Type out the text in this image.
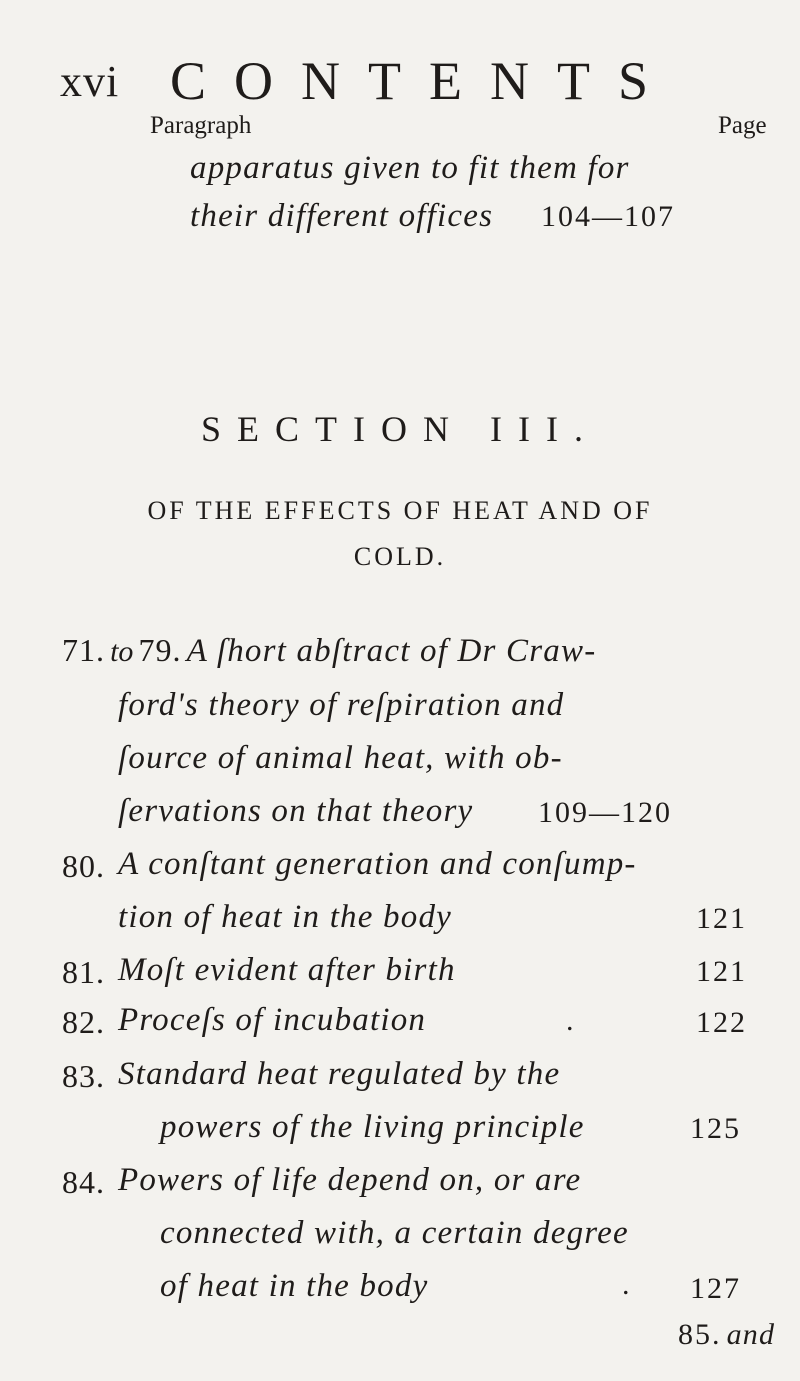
xvi CONTENTS
Paragraph	Page
apparatus given to fit them for
their different offices 104—107
SECTION III.
OF THE EFFECTS OF HEAT AND OF
COLD.
71. to 79. A ſhort abſtract of Dr Craw-
ford's theory of reſpiration and
ſource of animal heat, with ob-
ſervations on that theory 109—120
80. A conſtant generation and conſump-
tion of heat in the body	121
81. Moſt evident after birth	121
82. Proceſs of incubation	.	122
83. Standard heat regulated by the
powers of the living principle	125
84. Powers of life depend on, or are
connected with, a certain degree
of heat in the body	. 127
85. and
